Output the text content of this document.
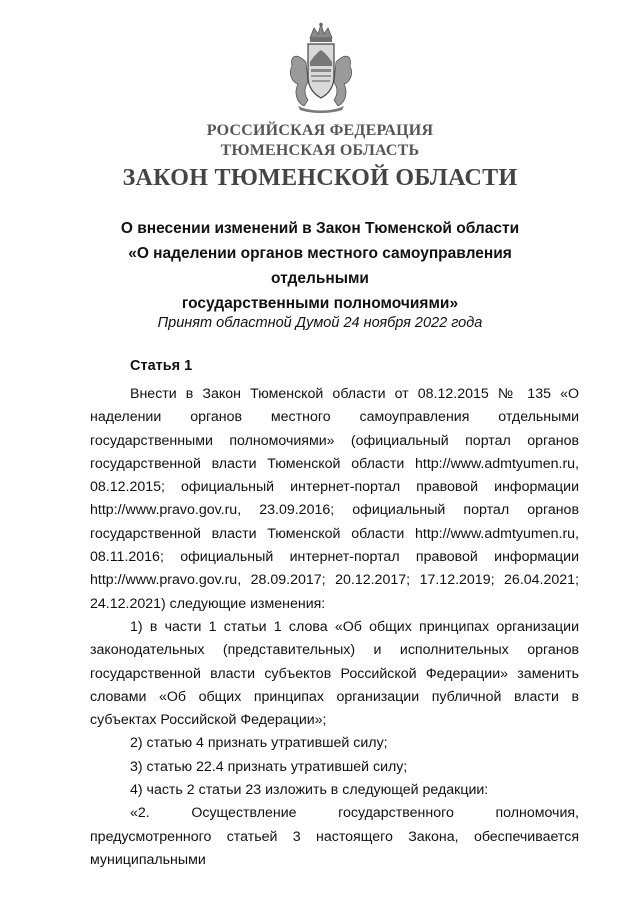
РОССИЙСКАЯ ФЕДЕРАЦИЯ
ТЮМЕНСКАЯ ОБЛАСТЬ
ЗАКОН ТЮМЕНСКОЙ ОБЛАСТИ
О внесении изменений в Закон Тюменской области
«О наделении органов местного самоуправления отдельными
государственными полномочиями»
Принят областной Думой 24 ноября 2022 года
Статья 1

Внести в Закон Тюменской области от 08.12.2015 № 135 «О наделении органов местного самоуправления отдельными государственными полномочиями» (официальный портал органов государственной власти Тюменской области http://www.admtyumen.ru, 08.12.2015; официальный интернет-портал правовой информации http://www.pravo.gov.ru, 23.09.2016; официальный портал органов государственной власти Тюменской области http://www.admtyumen.ru, 08.11.2016; официальный интернет-портал правовой информации http://www.pravo.gov.ru, 28.09.2017; 20.12.2017; 17.12.2019; 26.04.2021; 24.12.2021) следующие изменения:

1) в части 1 статьи 1 слова «Об общих принципах организации законодательных (представительных) и исполнительных органов государственной власти субъектов Российской Федерации» заменить словами «Об общих принципах организации публичной власти в субъектах Российской Федерации»;

2) статью 4 признать утратившей силу;

3) статью 22.4 признать утратившей силу;

4) часть 2 статьи 23 изложить в следующей редакции:

«2. Осуществление государственного полномочия, предусмотренного статьей 3 настоящего Закона, обеспечивается муниципальными
